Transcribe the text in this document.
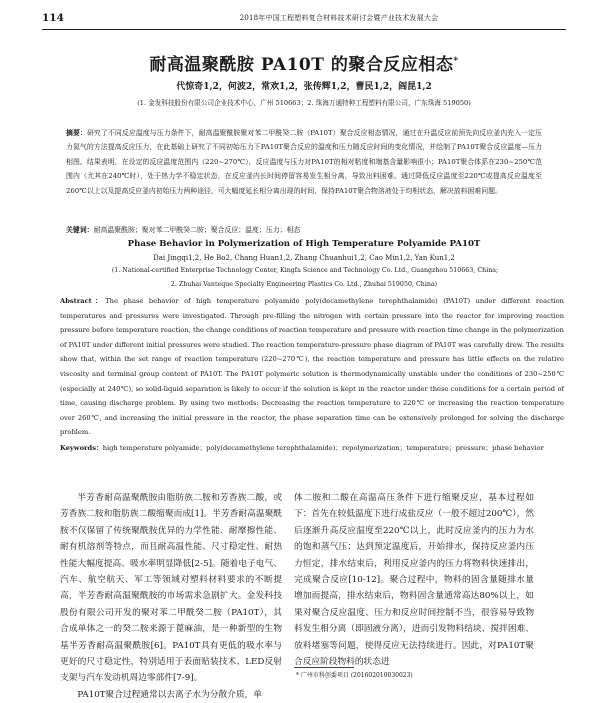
114	2018年中国工程塑料复合材料技术研讨会暨产业技术发展大会
耐高温聚酰胺 PA10T 的聚合反应相态*
代惊奇1,2，何波2，常欢1,2，张传辉1,2，曹民1,2，阎昆1,2
(1. 金发科技股份有限公司企业技术中心，广州 510663；2. 珠海万通特种工程塑料有限公司，广东珠海 519050)
摘要：研究了不同反应温度与压力条件下，耐高温聚酰胺聚对苯二甲酰癸二胺（PA10T）聚合反应相态情况，通过在升温反应前预先向反应釜内充入一定压力氮气的方法提高反应压力，在此基础上研究了不同初始压力下PA10T聚合反应的温度和压力随反应时间的变化情况，并绘制了PA10T聚合反应温度—压力相图。结果表明，在设定的反应温度范围内（220~270℃），反应温度与压力对PA10T的相对粘度和端基含量影响很小；PA10T聚合体系在230~250℃范围内（尤其在240℃时），处于热力学不稳定状态，在反应釜内长时间停留容易发生相分离，导致出料困难。通过降低反应温度至220℃或提高反应温度至260℃以上以及提高反应釜内初始压力两种途径，可大幅度延长相分离出现的时间，保持PA10T聚合物溶液处于均相状态，解决放料困难问题。
关键词：耐高温聚酰胺；聚对苯二甲酰癸二胺；聚合反应；温度；压力；相态
Phase Behavior in Polymerization of High Temperature Polyamide PA10T
Dai Jingqi1,2, He Bo2, Chang Huan1,2, Zhang Chuanhui1,2, Cao Min1,2, Yan Kun1,2
(1. National-certified Enterprise Technology Center, Kingfa Science and Technology Co. Ltd., Guangzhou 510663, China;
2. Zhuhai Vanteque Specialty Engineering Plastics Co. Ltd., Zhuhai 519050, China)
Abstract：The phase behavior of high temperature polyamide poly(decamethylene terephthalamide) (PA10T) under different reaction temperatures and pressures were investigated. Through pre-filling the nitrogen with certain pressure into the reactor for improving reaction pressure before temperature reaction, the change conditions of reaction temperature and pressure with reaction time change in the polymerization of PA10T under different initial pressures were studied. The reaction temperature-pressure phase diagram of PA10T was carefully drew. The results show that, within the set range of reaction temperature (220~270℃), the reaction temperature and pressure has little effects on the relative viscosity and terminal group content of PA10T. The PA10T polymeric solution is thermodynamically unstable under the conditions of 230~250℃ (especially at 240℃), so solid-liquid separation is likely to occur if the solution is kept in the reactor under these conditions for a certain period of time, causing discharge problem. By using two methods: Decreasing the reaction temperature to 220℃ or increasing the reaction temperature over 260℃, and increasing the initial pressure in the reactor, the phase separation time can be extensively prolonged for solving the discharge problem.
Keywords：high temperature polyamide；poly(decamethylene terephthalamide)；repolymerization；temperature；pressure；phase behavior

半芳香耐高温聚酰胺由脂肪族二胺和芳香族二酸，或芳香族二胺和脂肪族二酸缩聚而成[1]。半芳香耐高温聚酰胺不仅保留了传统聚酰胺优异的力学性能、耐摩擦性能、耐有机溶剂等特点，而且耐高温性能、尺寸稳定性、耐热性能大幅度提高、吸水率明显降低[2-5]。随着电子电气、汽车、航空航天、军工等领域对塑料材料要求的不断提高，半芳香耐高温聚酰胺的市场需求急剧扩大。金发科技股份有限公司开发的聚对苯二甲酰癸二胺（PA10T），其合成单体之一的癸二胺来源于蓖麻油，是一种新型的生物基半芳香耐高温聚酰胺[6]。PA10T具有更低的吸水率与更好的尺寸稳定性，特别适用于表面贴装技术、LED反射支架与汽车发动机周边零部件[7-9]。

PA10T聚合过程通常以去离子水为分散介质，单

体二胺和二酸在高温高压条件下进行缩聚反应，基本过程如下：首先在较低温度下进行成盐反应（一般不超过200℃），然后逐渐升高反应温度至220℃以上，此时反应釜内的压力为水的饱和蒸气压；达到预定温度后，开始排水，保持反应釜内压力恒定，排水结束后，利用反应釜内的压力将物料快速排出，完成聚合反应[10-12]。聚合过程中，物料的固含量随排水量增加而提高，排水结束后，物料固含量通常高达80%以上，如果对聚合反应温度、压力和反应时间控制不当，很容易导致物料发生相分离（即固液分离），进而引发物料结块、搅拌困难、放料堵塞等问题，使得反应无法持续进行。因此，对PA10T聚合反应阶段物料的状态进

* 广州市科创委项目 (201602010030023)
